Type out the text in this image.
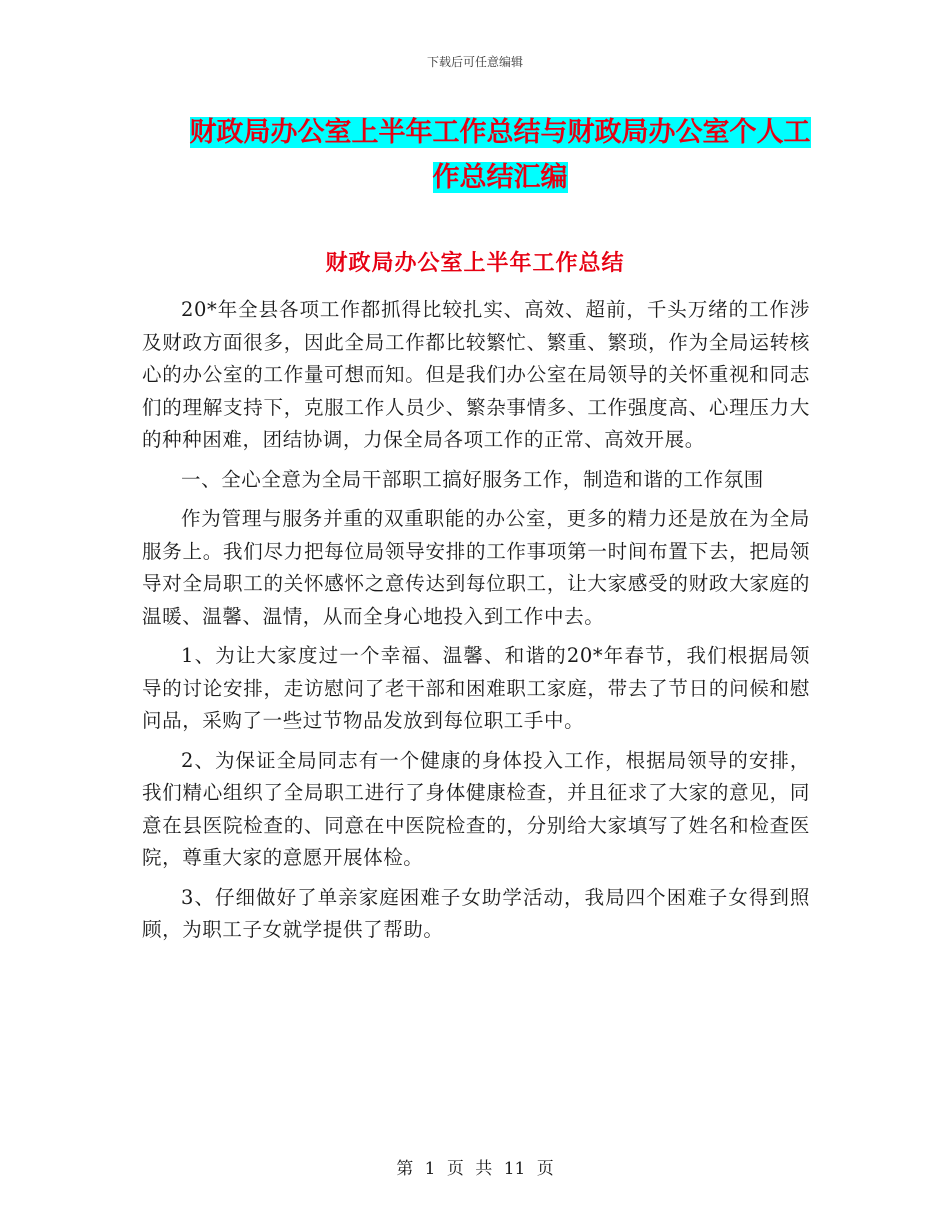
下载后可任意编辑
财政局办公室上半年工作总结与财政局办公室个人工
作总结汇编
财政局办公室上半年工作总结

20*年全县各项工作都抓得比较扎实、高效、超前，千头万绪的工作涉及财政方面很多，因此全局工作都比较繁忙、繁重、繁琐，作为全局运转核心的办公室的工作量可想而知。但是我们办公室在局领导的关怀重视和同志们的理解支持下，克服工作人员少、繁杂事情多、工作强度高、心理压力大的种种困难，团结协调，力保全局各项工作的正常、高效开展。

一、全心全意为全局干部职工搞好服务工作，制造和谐的工作氛围

作为管理与服务并重的双重职能的办公室，更多的精力还是放在为全局服务上。我们尽力把每位局领导安排的工作事项第一时间布置下去，把局领导对全局职工的关怀感怀之意传达到每位职工，让大家感受的财政大家庭的温暖、温馨、温情，从而全身心地投入到工作中去。

1、为让大家度过一个幸福、温馨、和谐的20*年春节，我们根据局领导的讨论安排，走访慰问了老干部和困难职工家庭，带去了节日的问候和慰问品，采购了一些过节物品发放到每位职工手中。

2、为保证全局同志有一个健康的身体投入工作，根据局领导的安排，我们精心组织了全局职工进行了身体健康检查，并且征求了大家的意见，同意在县医院检查的、同意在中医院检查的，分别给大家填写了姓名和检查医院，尊重大家的意愿开展体检。

3、仔细做好了单亲家庭困难子女助学活动，我局四个困难子女得到照顾，为职工子女就学提供了帮助。

第 1 页 共 11 页
